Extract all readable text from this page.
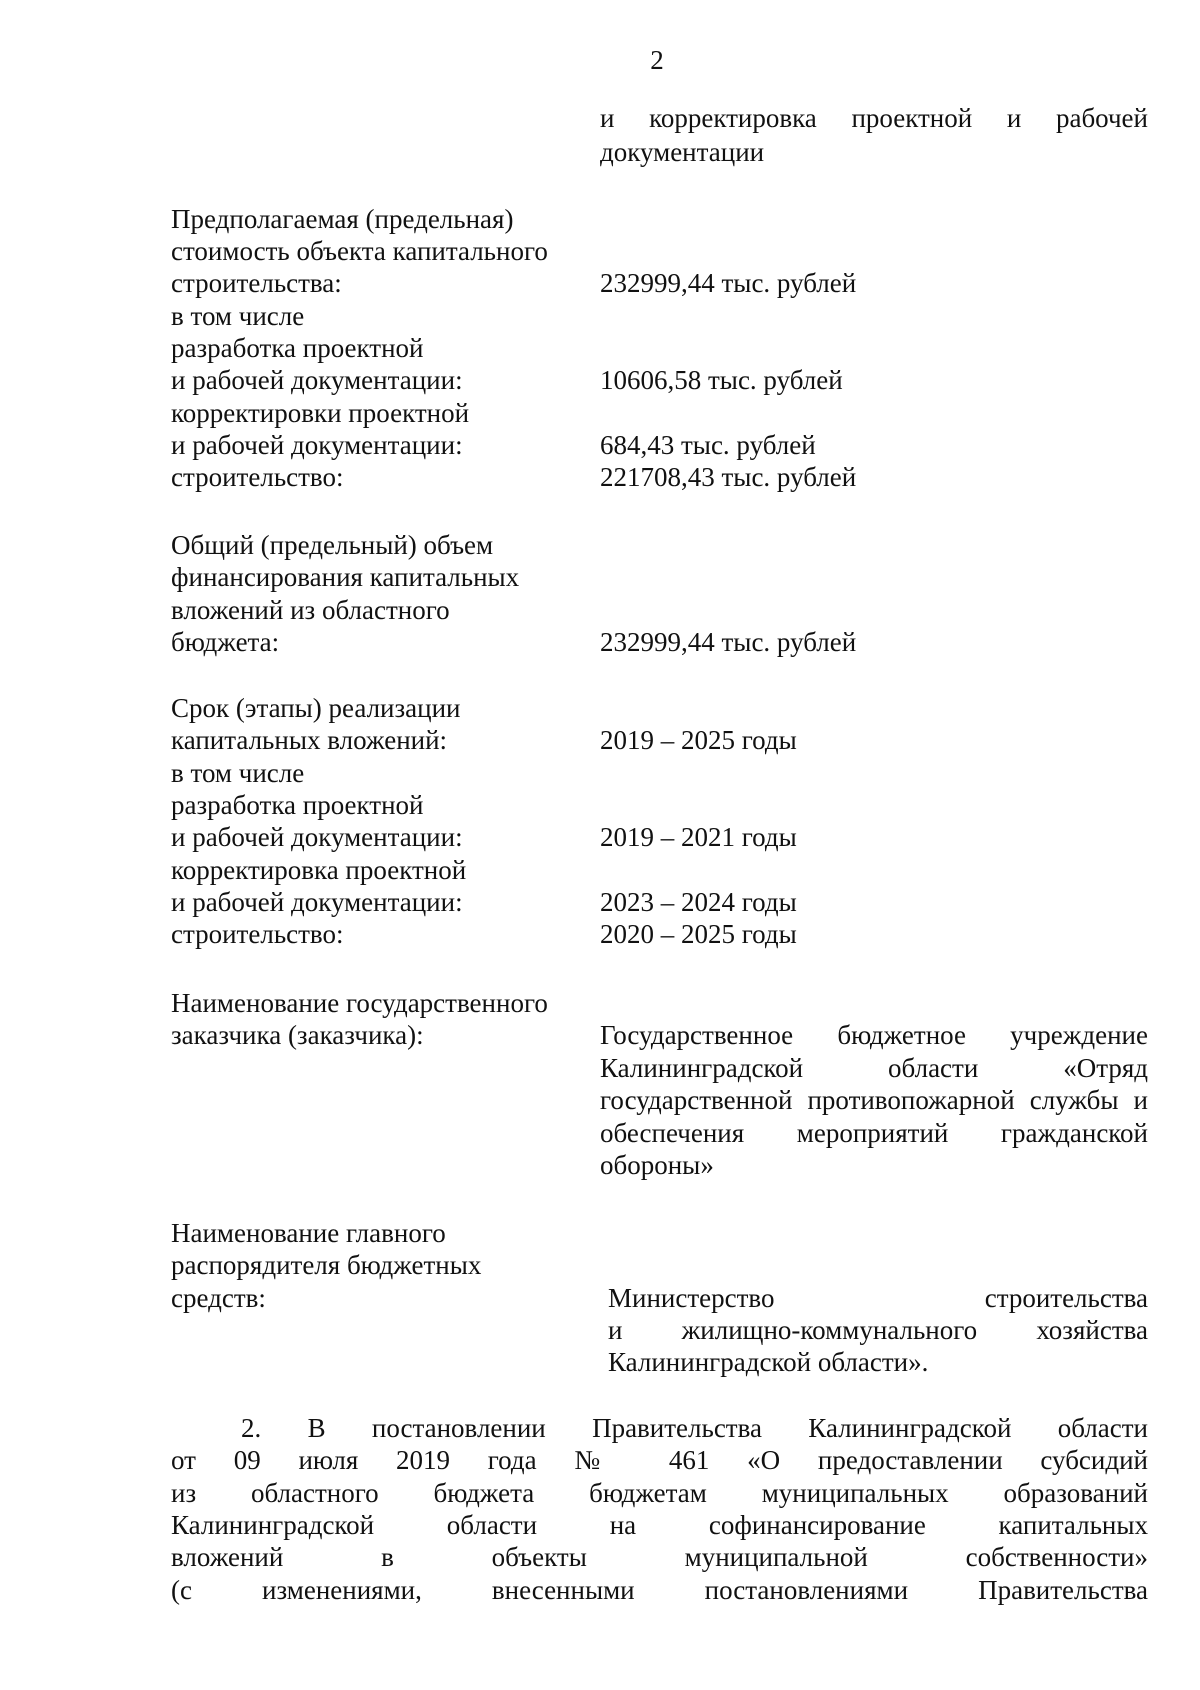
2
и корректировка проектной и рабочей
документации
Предполагаемая (предельная)
стоимость объекта капитального
строительства:	232999,44 тыс. рублей
в том числе
разработка проектной
и рабочей документации:	10606,58 тыс. рублей
корректировки проектной
и рабочей документации:	684,43 тыс. рублей
строительство:	221708,43 тыс. рублей
Общий (предельный) объем
финансирования капитальных
вложений из областного
бюджета:	232999,44 тыс. рублей
Срок (этапы) реализации
капитальных вложений:	2019 – 2025 годы
в том числе
разработка проектной
и рабочей документации:	2019 – 2021 годы
корректировка проектной
и рабочей документации:	2023 – 2024 годы
строительство:	2020 – 2025 годы
Наименование государственного
заказчика (заказчика):	Государственное бюджетное учреждение Калининградской области «Отряд государственной противопожарной службы и обеспечения мероприятий гражданской обороны»
Наименование главного
распорядителя бюджетных
средств:	Министерство строительства
и жилищно-коммунального хозяйства
Калининградской области».
2. В постановлении Правительства Калининградской области
от 09 июля 2019 года № 461 «О предоставлении субсидий
из областного бюджета бюджетам муниципальных образований
Калининградской области на софинансирование капитальных
вложений в объекты муниципальной собственности»
(с изменениями, внесенными постановлениями Правительства
